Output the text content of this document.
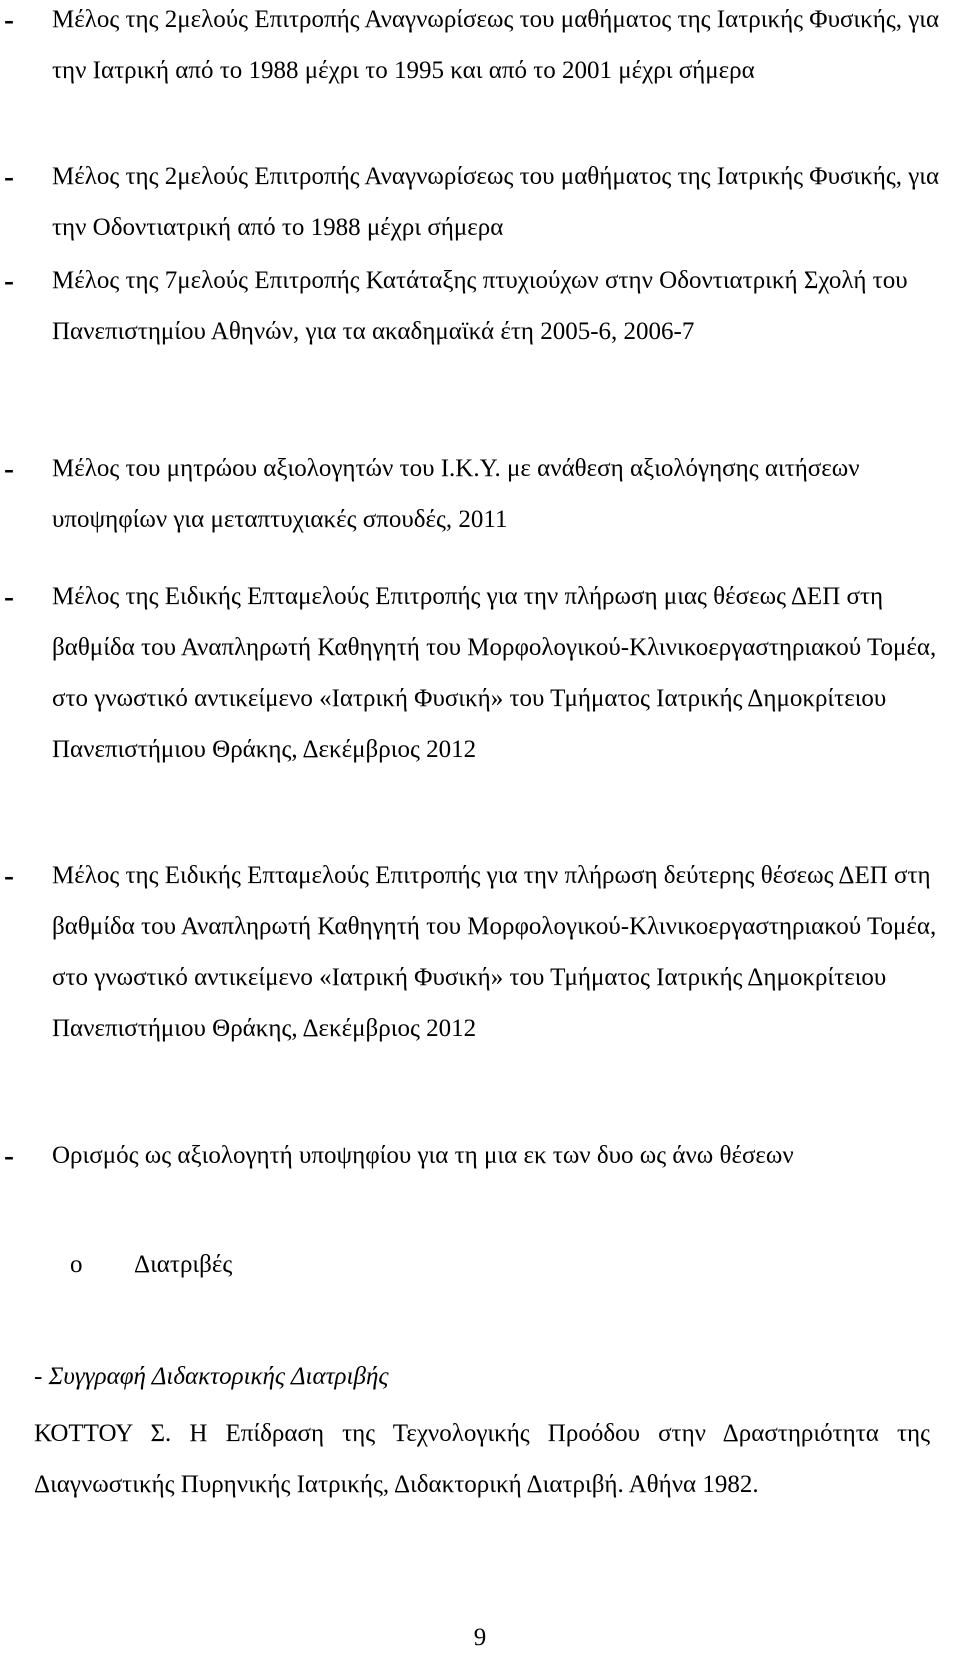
- Μέλος της 2μελούς Επιτροπής Αναγνωρίσεως του μαθήματος της Ιατρικής Φυσικής, για την Ιατρική από το 1988 μέχρι το 1995 και από το 2001 μέχρι σήμερα
- Μέλος της 2μελούς Επιτροπής Αναγνωρίσεως του μαθήματος της Ιατρικής Φυσικής, για την Οδοντιατρική από το 1988 μέχρι σήμερα
- Μέλος της 7μελούς Επιτροπής Κατάταξης πτυχιούχων στην Οδοντιατρική Σχολή του Πανεπιστημίου Αθηνών, για τα ακαδημαϊκά έτη 2005-6, 2006-7
- Μέλος του μητρώου αξιολογητών του Ι.Κ.Υ. με ανάθεση αξιολόγησης αιτήσεων υποψηφίων για μεταπτυχιακές σπουδές, 2011
- Μέλος της Ειδικής Επταμελούς Επιτροπής για την πλήρωση μιας θέσεως ΔΕΠ στη βαθμίδα του Αναπληρωτή Καθηγητή του Μορφολογικού-Κλινικοεργαστηριακού Τομέα, στο γνωστικό αντικείμενο «Ιατρική Φυσική» του Τμήματος Ιατρικής Δημοκρίτειου Πανεπιστήμιου Θράκης, Δεκέμβριος 2012
- Μέλος της Ειδικής Επταμελούς Επιτροπής για την πλήρωση δεύτερης θέσεως ΔΕΠ στη βαθμίδα του Αναπληρωτή Καθηγητή του Μορφολογικού-Κλινικοεργαστηριακού Τομέα, στο γνωστικό αντικείμενο «Ιατρική Φυσική» του Τμήματος Ιατρικής Δημοκρίτειου Πανεπιστήμιου Θράκης, Δεκέμβριος 2012
- Ορισμός ως αξιολογητή υποψηφίου για τη μια εκ των δυο ως άνω θέσεων
o Διατριβές
- Συγγραφή Διδακτορικής Διατριβής
ΚΟΤΤΟΥ Σ. Η Επίδραση της Τεχνολογικής Προόδου στην Δραστηριότητα της Διαγνωστικής Πυρηνικής Ιατρικής, Διδακτορική Διατριβή. Αθήνα 1982.
9
